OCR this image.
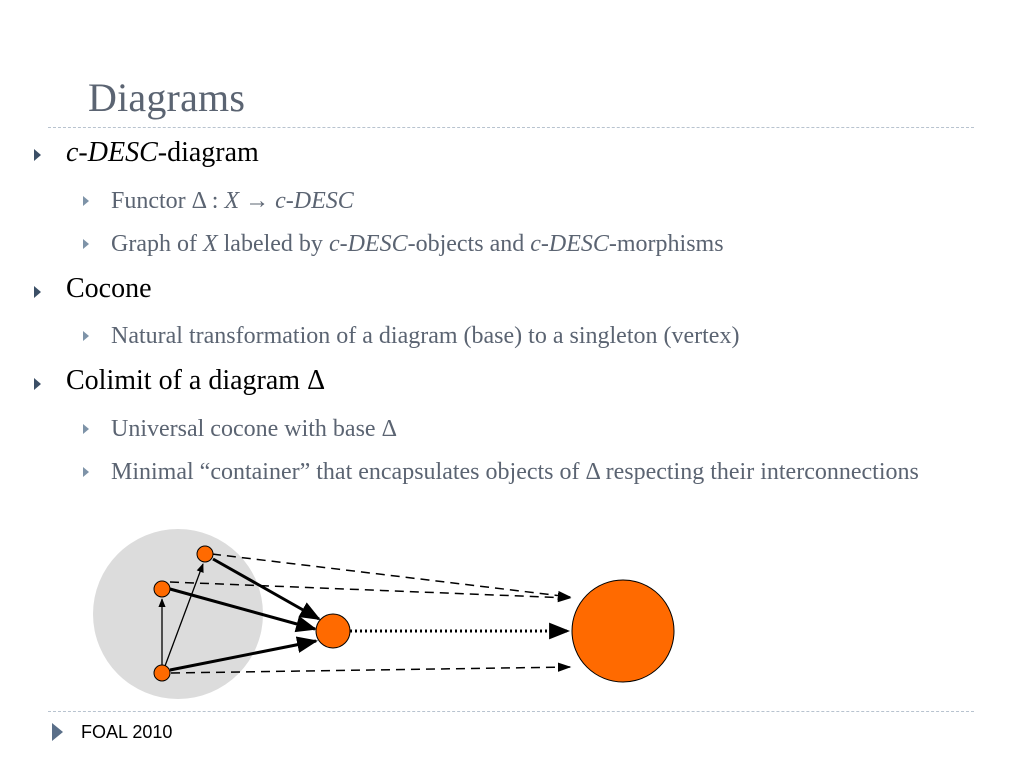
Diagrams
c-DESC-diagram
Functor Δ : X → c-DESC
Graph of X labeled by c-DESC-objects and c-DESC-morphisms
Cocone
Natural transformation of a diagram (base) to a singleton (vertex)
Colimit of a diagram Δ
Universal cocone with base Δ
Minimal “container” that encapsulates objects of Δ respecting their interconnections
FOAL 2010
